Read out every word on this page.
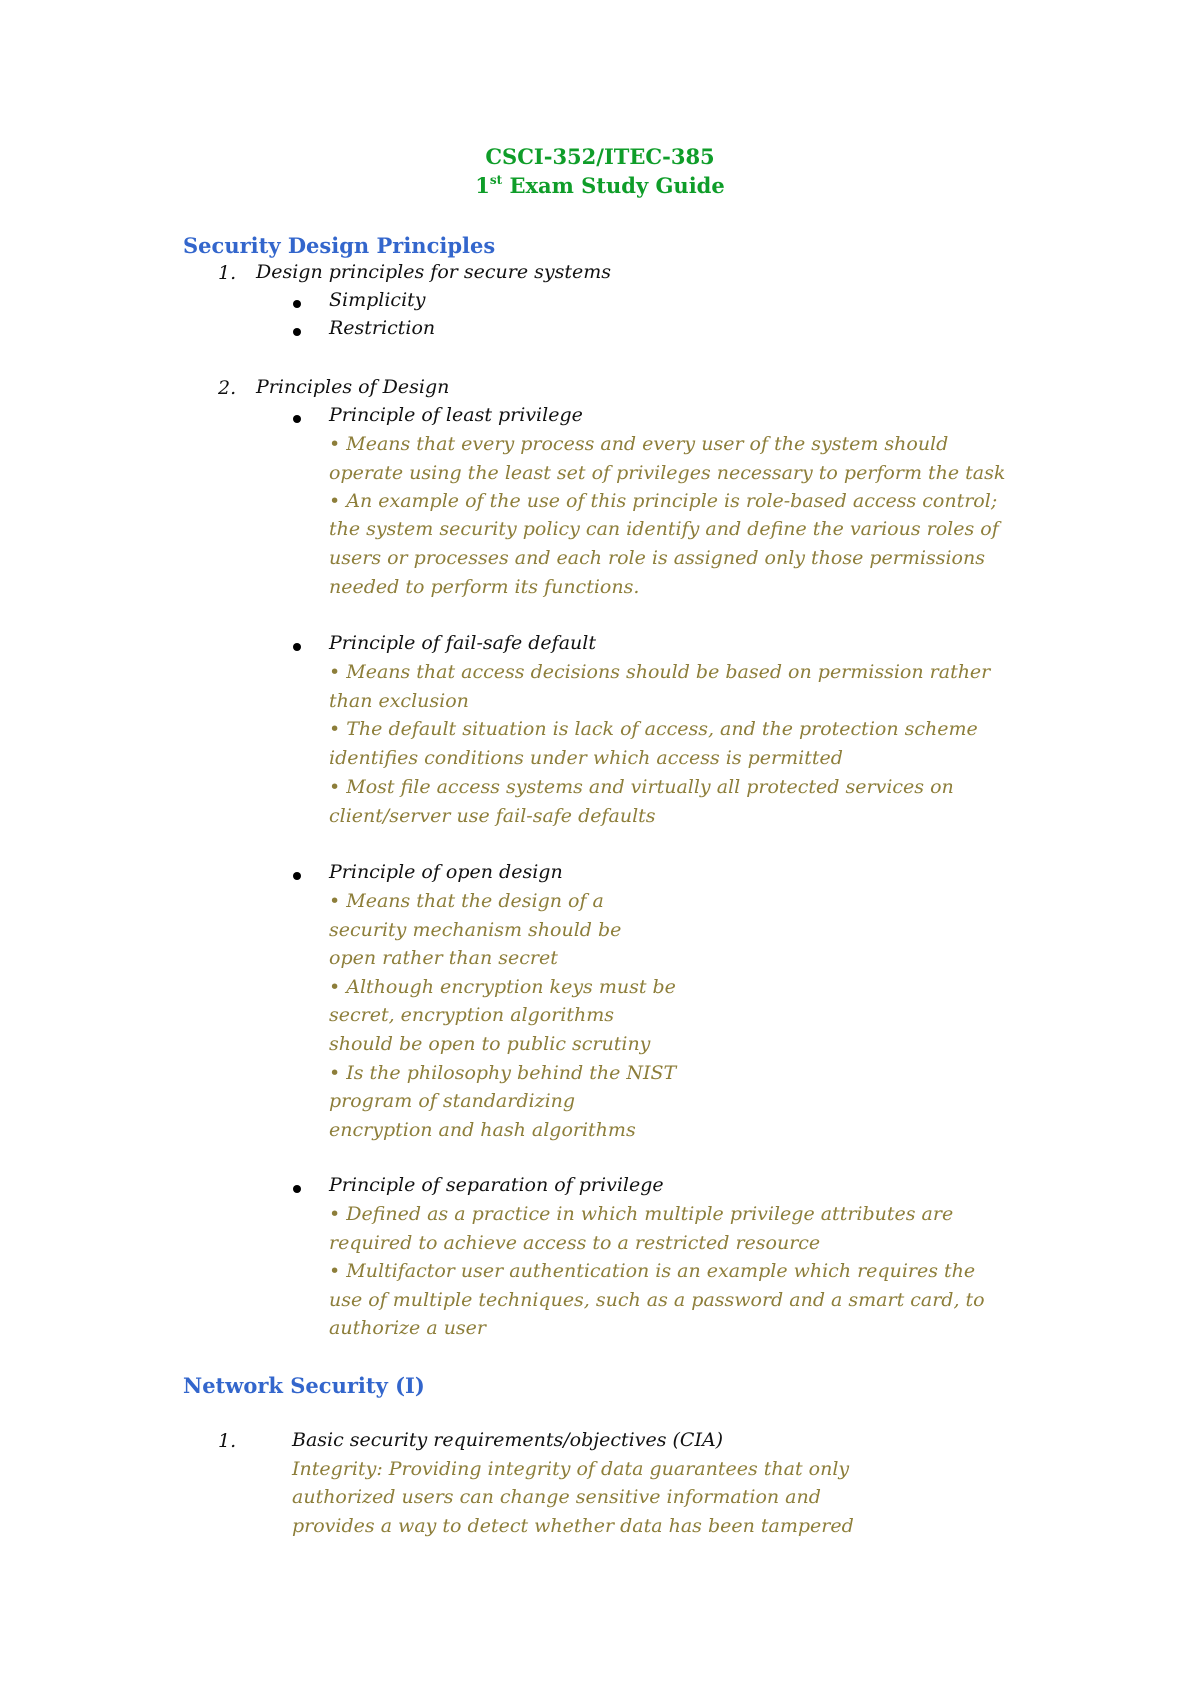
CSCI-352/ITEC-385
1st Exam Study Guide
Security Design Principles
1. Design principles for secure systems
Simplicity
Restriction
2. Principles of Design
Principle of least privilege
• Means that every process and every user of the system should
operate using the least set of privileges necessary to perform the task
• An example of the use of this principle is role-based access control;
the system security policy can identify and define the various roles of
users or processes and each role is assigned only those permissions
needed to perform its functions.
Principle of fail-safe default
• Means that access decisions should be based on permission rather
than exclusion
• The default situation is lack of access, and the protection scheme
identifies conditions under which access is permitted
• Most file access systems and virtually all protected services on
client/server use fail-safe defaults
Principle of open design
• Means that the design of a
security mechanism should be
open rather than secret
• Although encryption keys must be
secret, encryption algorithms
should be open to public scrutiny
• Is the philosophy behind the NIST
program of standardizing
encryption and hash algorithms
Principle of separation of privilege
• Defined as a practice in which multiple privilege attributes are
required to achieve access to a restricted resource
• Multifactor user authentication is an example which requires the
use of multiple techniques, such as a password and a smart card, to
authorize a user
Network Security (I)
1.	Basic security requirements/objectives (CIA)
Integrity: Providing integrity of data guarantees that only
authorized users can change sensitive information and
provides a way to detect whether data has been tampered
